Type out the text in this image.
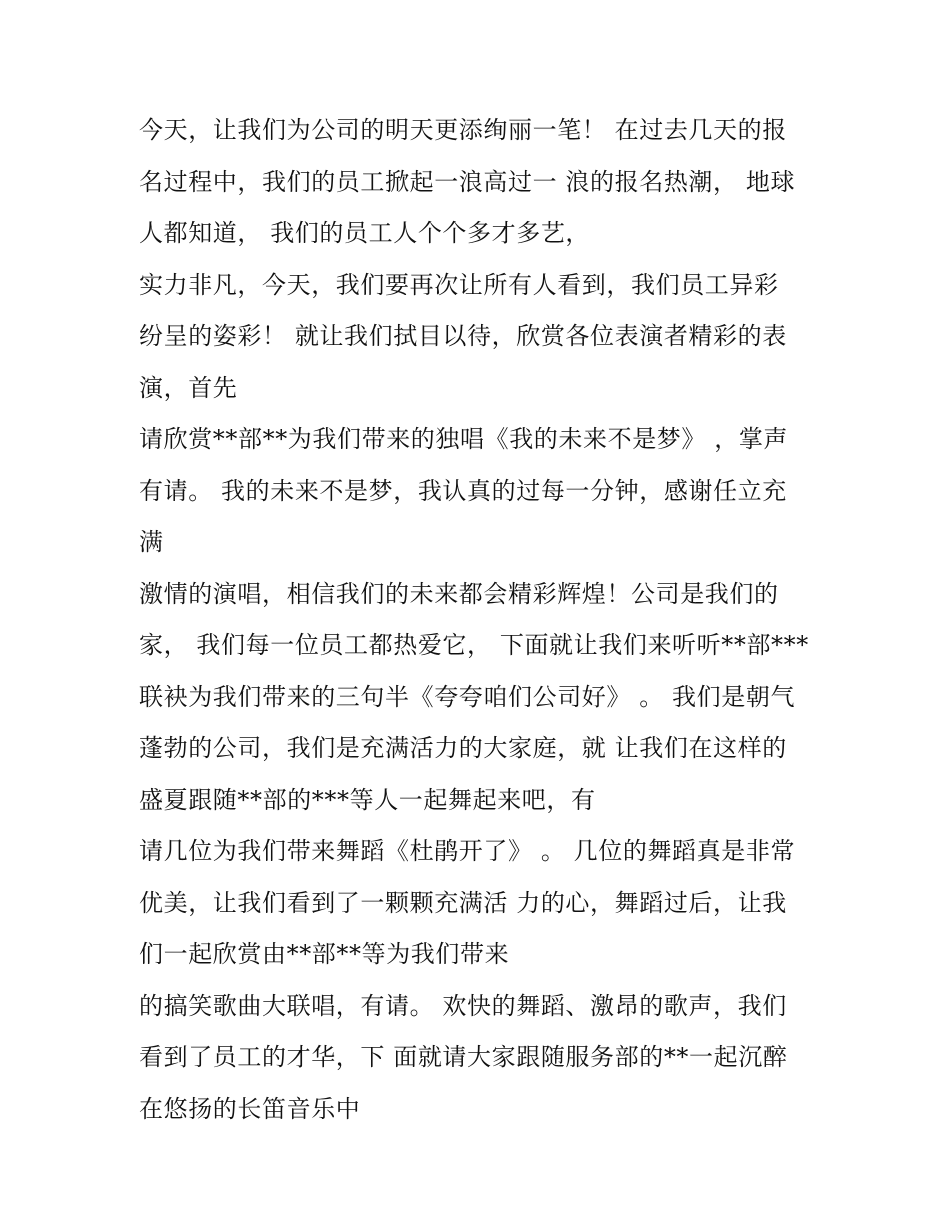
今天，让我们为公司的明天更添绚丽一笔！ 在过去几天的报
名过程中，我们的员工掀起一浪高过一 浪的报名热潮， 地球
人都知道， 我们的员工人个个多才多艺，
实力非凡，今天，我们要再次让所有人看到，我们员工异彩
纷呈的姿彩！ 就让我们拭目以待，欣赏各位表演者精彩的表
演，首先
请欣赏**部**为我们带来的独唱《我的未来不是梦》 ，掌声
有请。 我的未来不是梦，我认真的过每一分钟，感谢任立充
满
激情的演唱，相信我们的未来都会精彩辉煌！公司是我们的
家， 我们每一位员工都热爱它， 下面就让我们来听听**部***
联袂为我们带来的三句半《夸夸咱们公司好》 。 我们是朝气
蓬勃的公司，我们是充满活力的大家庭，就 让我们在这样的
盛夏跟随**部的***等人一起舞起来吧，有
请几位为我们带来舞蹈《杜鹃开了》 。 几位的舞蹈真是非常
优美，让我们看到了一颗颗充满活 力的心，舞蹈过后，让我
们一起欣赏由**部**等为我们带来
的搞笑歌曲大联唱，有请。 欢快的舞蹈、激昂的歌声，我们
看到了员工的才华，下 面就请大家跟随服务部的**一起沉醉
在悠扬的长笛音乐中
